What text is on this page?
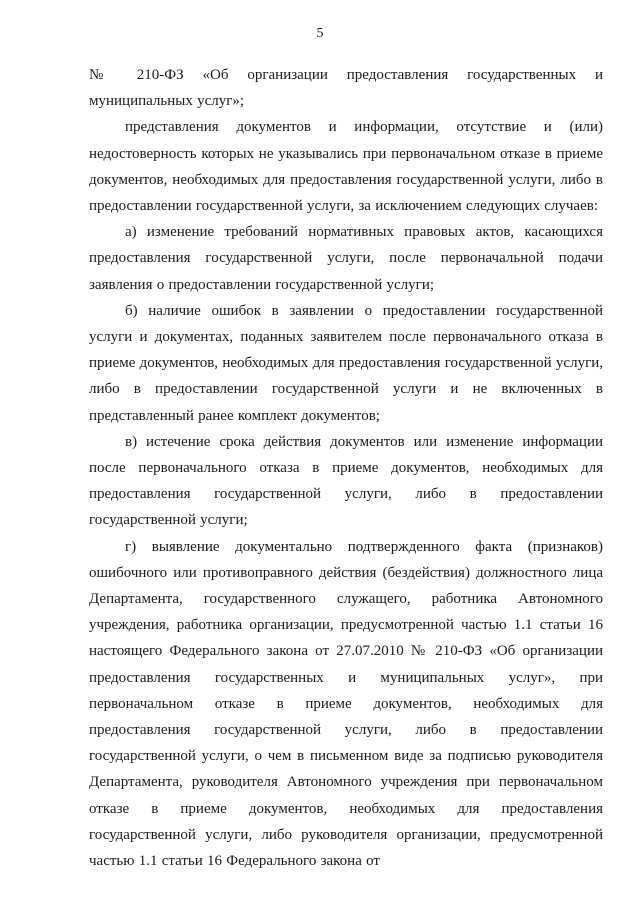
5

№ 210-ФЗ «Об организации предоставления государственных и муниципальных услуг»;

представления документов и информации, отсутствие и (или) недостоверность которых не указывались при первоначальном отказе в приеме документов, необходимых для предоставления государственной услуги, либо в предоставлении государственной услуги, за исключением следующих случаев:

а) изменение требований нормативных правовых актов, касающихся предоставления государственной услуги, после первоначальной подачи заявления о предоставлении государственной услуги;

б) наличие ошибок в заявлении о предоставлении государственной услуги и документах, поданных заявителем после первоначального отказа в приеме документов, необходимых для предоставления государственной услуги, либо в предоставлении государственной услуги и не включенных в представленный ранее комплект документов;

в) истечение срока действия документов или изменение информации после первоначального отказа в приеме документов, необходимых для предоставления государственной услуги, либо в предоставлении государственной услуги;

г) выявление документально подтвержденного факта (признаков) ошибочного или противоправного действия (бездействия) должностного лица Департамента, государственного служащего, работника Автономного учреждения, работника организации, предусмотренной частью 1.1 статьи 16 настоящего Федерального закона от 27.07.2010 № 210-ФЗ «Об организации предоставления государственных и муниципальных услуг», при первоначальном отказе в приеме документов, необходимых для предоставления государственной услуги, либо в предоставлении государственной услуги, о чем в письменном виде за подписью руководителя Департамента, руководителя Автономного учреждения при первоначальном отказе в приеме документов, необходимых для предоставления государственной услуги, либо руководителя организации, предусмотренной частью 1.1 статьи 16 Федерального закона от
